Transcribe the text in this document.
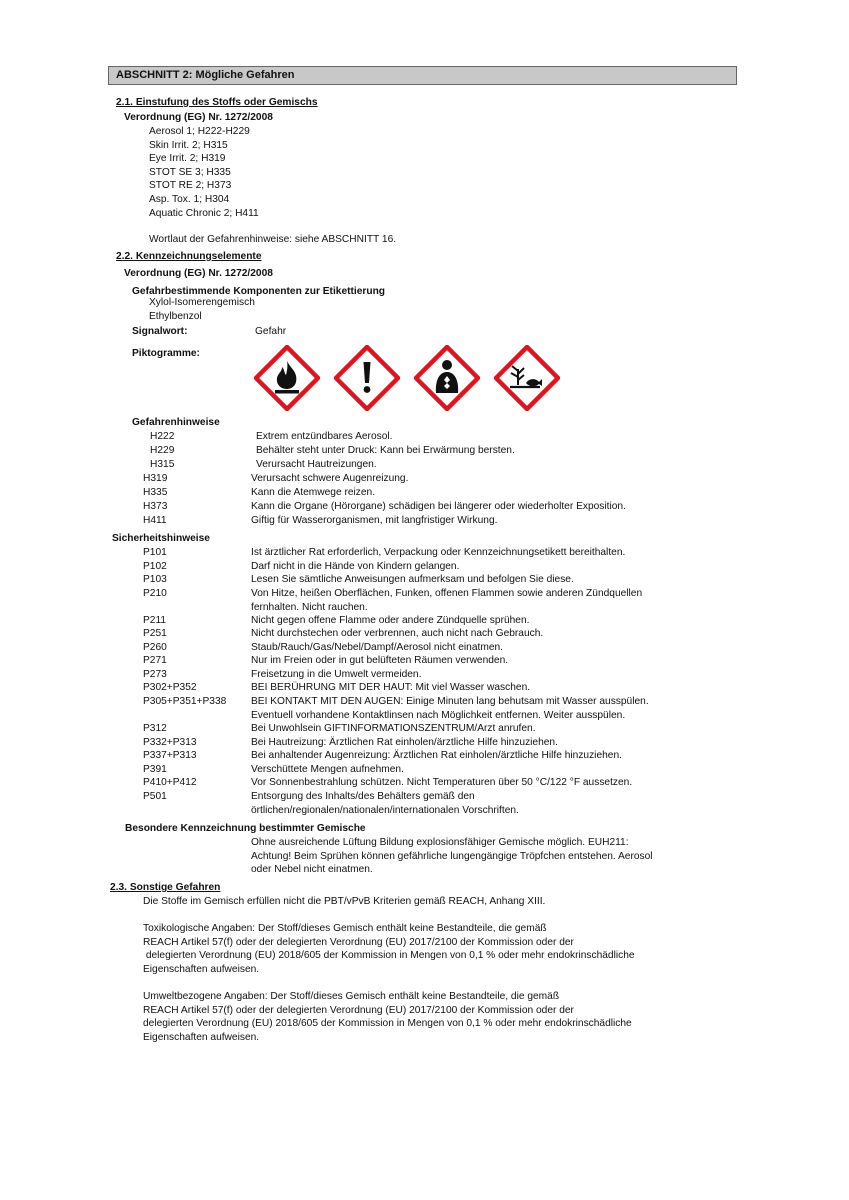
ABSCHNITT 2: Mögliche Gefahren
2.1. Einstufung des Stoffs oder Gemischs
Verordnung (EG) Nr. 1272/2008
Aerosol 1; H222-H229
Skin Irrit. 2; H315
Eye Irrit. 2; H319
STOT SE 3; H335
STOT RE 2; H373
Asp. Tox. 1; H304
Aquatic Chronic 2; H411
Wortlaut der Gefahrenhinweise: siehe ABSCHNITT 16.
2.2. Kennzeichnungselemente
Verordnung (EG) Nr. 1272/2008
Gefahrbestimmende Komponenten zur Etikettierung
Xylol-Isomerengemisch
Ethylbenzol
Signalwort:	Gefahr
Piktogramme:
Gefahrenhinweise
H222	Extrem entzündbares Aerosol.
H229	Behälter steht unter Druck: Kann bei Erwärmung bersten.
H315	Verursacht Hautreizungen.
H319	Verursacht schwere Augenreizung.
H335	Kann die Atemwege reizen.
H373	Kann die Organe (Hörorgane) schädigen bei längerer oder wiederholter Exposition.
H411	Giftig für Wasserorganismen, mit langfristiger Wirkung.
Sicherheitshinweise
P101	Ist ärztlicher Rat erforderlich, Verpackung oder Kennzeichnungsetikett bereithalten.
P102	Darf nicht in die Hände von Kindern gelangen.
P103	Lesen Sie sämtliche Anweisungen aufmerksam und befolgen Sie diese.
P210	Von Hitze, heißen Oberflächen, Funken, offenen Flammen sowie anderen Zündquellen
fernhalten. Nicht rauchen.
P211	Nicht gegen offene Flamme oder andere Zündquelle sprühen.
P251	Nicht durchstechen oder verbrennen, auch nicht nach Gebrauch.
P260	Staub/Rauch/Gas/Nebel/Dampf/Aerosol nicht einatmen.
P271	Nur im Freien oder in gut belüfteten Räumen verwenden.
P273	Freisetzung in die Umwelt vermeiden.
P302+P352	BEI BERÜHRUNG MIT DER HAUT: Mit viel Wasser waschen.
P305+P351+P338 BEI KONTAKT MIT DEN AUGEN: Einige Minuten lang behutsam mit Wasser ausspülen.
Eventuell vorhandene Kontaktlinsen nach Möglichkeit entfernen. Weiter ausspülen.
P312	Bei Unwohlsein GIFTINFORMATIONSZENTRUM/Arzt anrufen.
P332+P313	Bei Hautreizung: Ärztlichen Rat einholen/ärztliche Hilfe hinzuziehen.
P337+P313	Bei anhaltender Augenreizung: Ärztlichen Rat einholen/ärztliche Hilfe hinzuziehen.
P391	Verschüttete Mengen aufnehmen.
P410+P412	Vor Sonnenbestrahlung schützen. Nicht Temperaturen über 50 °C/122 °F aussetzen.
P501	Entsorgung des Inhalts/des Behälters gemäß den
örtlichen/regionalen/nationalen/internationalen Vorschriften.
Besondere Kennzeichnung bestimmter Gemische
Ohne ausreichende Lüftung Bildung explosionsfähiger Gemische möglich. EUH211:
Achtung! Beim Sprühen können gefährliche lungengängige Tröpfchen entstehen. Aerosol
oder Nebel nicht einatmen.
2.3. Sonstige Gefahren
Die Stoffe im Gemisch erfüllen nicht die PBT/vPvB Kriterien gemäß REACH, Anhang XIII.
Toxikologische Angaben: Der Stoff/dieses Gemisch enthält keine Bestandteile, die gemäß
REACH Artikel 57(f) oder der delegierten Verordnung (EU) 2017/2100 der Kommission oder der
delegierten Verordnung (EU) 2018/605 der Kommission in Mengen von 0,1 % oder mehr endokrinschädliche
Eigenschaften aufweisen.
Umweltbezogene Angaben: Der Stoff/dieses Gemisch enthält keine Bestandteile, die gemäß
REACH Artikel 57(f) oder der delegierten Verordnung (EU) 2017/2100 der Kommission oder der
delegierten Verordnung (EU) 2018/605 der Kommission in Mengen von 0,1 % oder mehr endokrinschädliche
Eigenschaften aufweisen.
